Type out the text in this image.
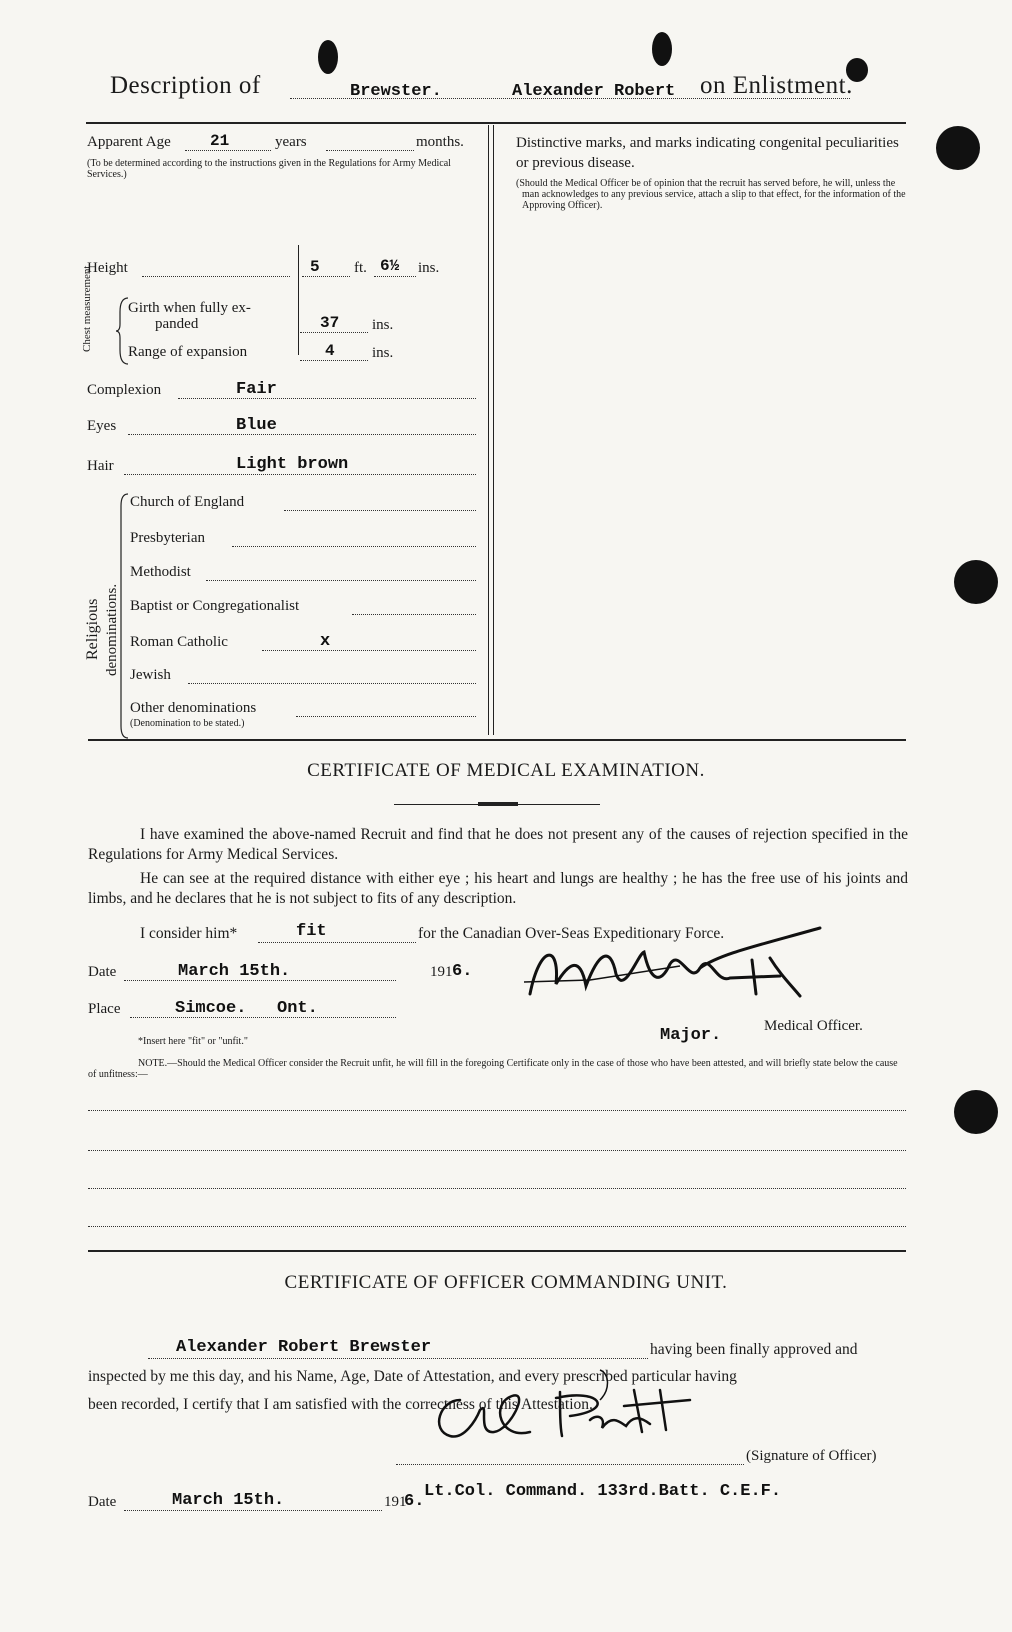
Description of	Brewster.	Alexander Robert on Enlistment.
Apparent Age 21	years	months.
(To be determined according to the instructions given in the Regulations for Army Medical Services.)
Height	5 ft. 6½ ins.
Chest measurement Girth when fully ex-
panded	37 ins.
Range of expansion	4 ins.
Complexion	Fair
Eyes	Blue
Hair	Light brown
Religious denominations.
Church of England
Presbyterian
Methodist
Baptist or Congregationalist
Roman Catholic	x
Jewish
Other denominations
(Denomination to be stated.)
Distinctive marks, and marks indicating congenital peculiarities or previous disease.
(Should the Medical Officer be of opinion that the recruit has served before, he will, unless the man acknowledges to any previous service, attach a slip to that effect, for the information of the Approving Officer).
CERTIFICATE OF MEDICAL EXAMINATION.
I have examined the above-named Recruit and find that he does not present any of the causes of rejection specified in the Regulations for Army Medical Services.
He can see at the required distance with either eye ; his heart and lungs are healthy ; he has the free use of his joints and limbs, and he declares that he is not subject to fits of any description.
I consider him*	fit	for the Canadian Over-Seas Expeditionary Force.
Date	March 15th.	191 6.
Place	Simcoe.   Ont.
*Insert here "fit" or "unfit."	Major.	Medical Officer.
NOTE.—Should the Medical Officer consider the Recruit unfit, he will fill in the foregoing Certificate only in the case of those who have been attested, and will briefly state below the cause of unfitness:—
CERTIFICATE OF OFFICER COMMANDING UNIT.
Alexander Robert Brewster	having been finally approved and
inspected by me this day, and his Name, Age, Date of Attestation, and every prescribed particular having
been recorded, I certify that I am satisfied with the correctness of this Attestation.
(Signature of Officer)
Date	March 15th.	191
6.
Lt.Col. Command. 133rd.Batt. C.E.F.
